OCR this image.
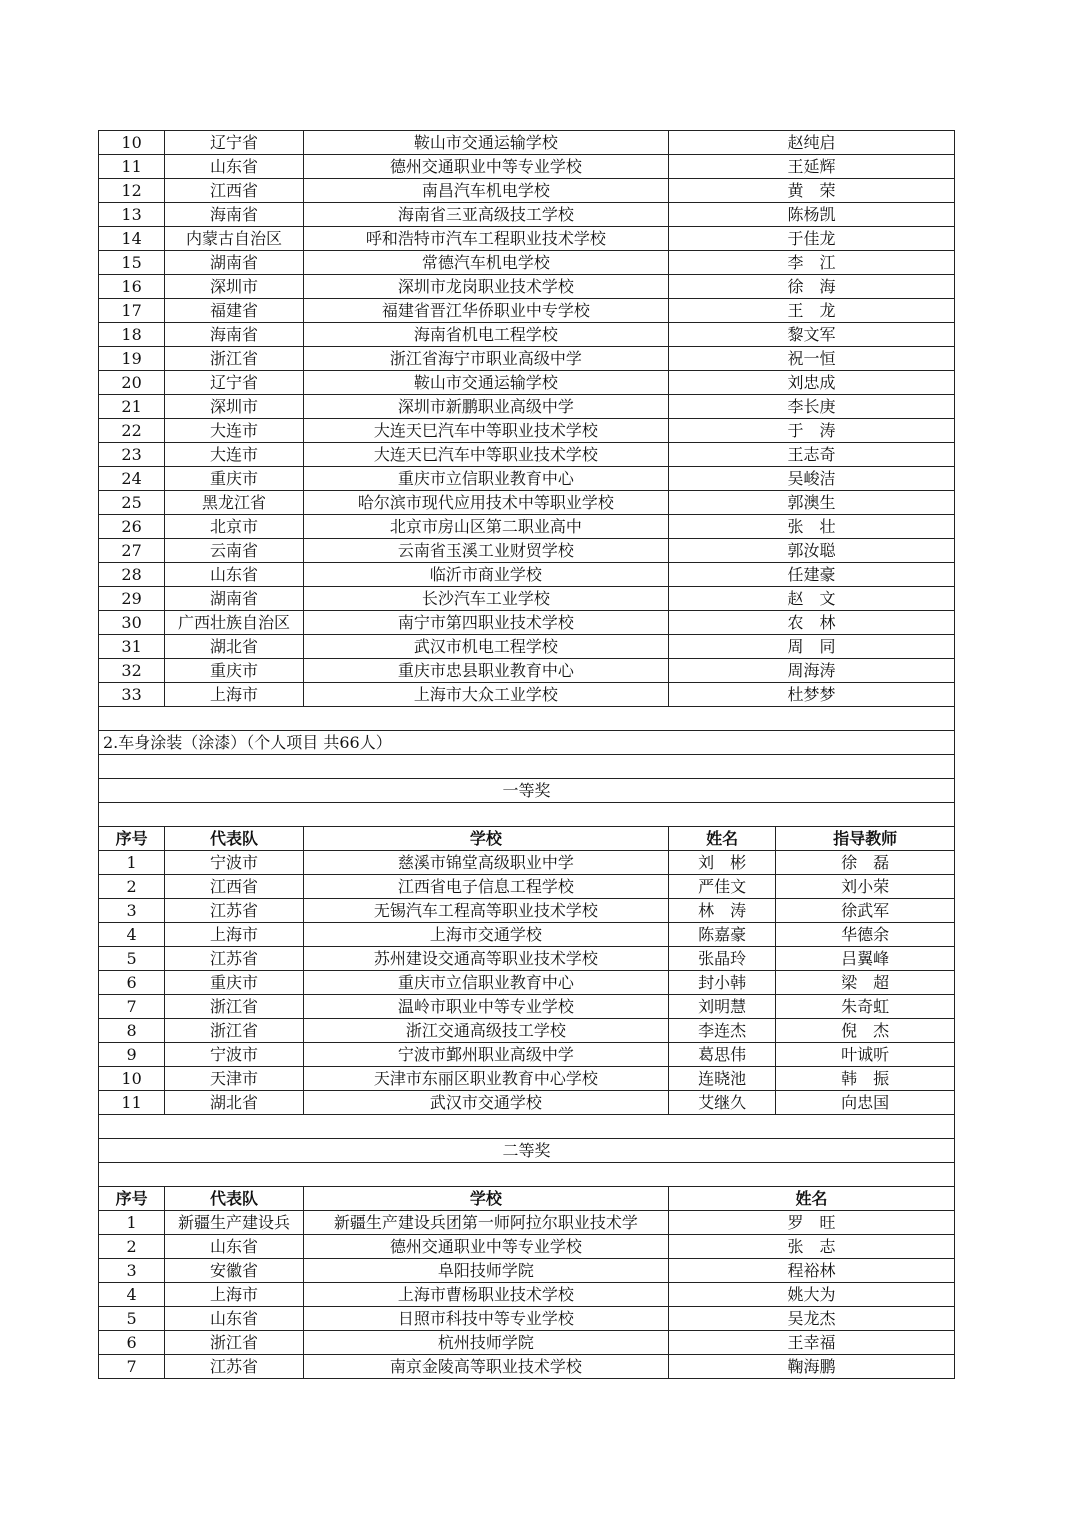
10	辽宁省	鞍山市交通运输学校	赵纯启	
11	山东省	德州交通职业中等专业学校	王延辉	
12	江西省	南昌汽车机电学校	黄　荣	
13	海南省	海南省三亚高级技工学校	陈杨凯	
14	内蒙古自治区	呼和浩特市汽车工程职业技术学校	于佳龙	
15	湖南省	常德汽车机电学校	李　江	
16	深圳市	深圳市龙岗职业技术学校	徐　海	
17	福建省	福建省晋江华侨职业中专学校	王　龙	
18	海南省	海南省机电工程学校	黎文军	
19	浙江省	浙江省海宁市职业高级中学	祝一恒	
20	辽宁省	鞍山市交通运输学校	刘忠成	
21	深圳市	深圳市新鹏职业高级中学	李长庚	
22	大连市	大连天巳汽车中等职业技术学校	于　涛	
23	大连市	大连天巳汽车中等职业技术学校	王志奇	
24	重庆市	重庆市立信职业教育中心	吴峻洁	
25	黑龙江省	哈尔滨市现代应用技术中等职业学校	郭澳生	
26	北京市	北京市房山区第二职业高中	张　壮	
27	云南省	云南省玉溪工业财贸学校	郭汝聪	
28	山东省	临沂市商业学校	任建豪	
29	湖南省	长沙汽车工业学校	赵　文	
30	广西壮族自治区	南宁市第四职业技术学校	农　林	
31	湖北省	武汉市机电工程学校	周　同	
32	重庆市	重庆市忠县职业教育中心	周海涛	
33	上海市	上海市大众工业学校	杜梦梦	

2.车身涂装（涂漆）（个人项目 共66人）				

一等奖				

序号	代表队	学校	姓名	指导教师
1	宁波市	慈溪市锦堂高级职业中学	刘　彬	徐　磊
2	江西省	江西省电子信息工程学校	严佳文	刘小荣
3	江苏省	无锡汽车工程高等职业技术学校	林　涛	徐武军
4	上海市	上海市交通学校	陈嘉豪	华德余
5	江苏省	苏州建设交通高等职业技术学校	张晶玲	吕翼峰
6	重庆市	重庆市立信职业教育中心	封小韩	梁　超
7	浙江省	温岭市职业中等专业学校	刘明慧	朱奇虹
8	浙江省	浙江交通高级技工学校	李连杰	倪　杰
9	宁波市	宁波市鄞州职业高级中学	葛思伟	叶诚听
10	天津市	天津市东丽区职业教育中心学校	连晓池	韩　振
11	湖北省	武汉市交通学校	艾继久	向忠国

二等奖				

序号	代表队	学校	姓名	
1	新疆生产建设兵	新疆生产建设兵团第一师阿拉尔职业技术学	罗　旺	
2	山东省	德州交通职业中等专业学校	张　志	
3	安徽省	阜阳技师学院	程裕林	
4	上海市	上海市曹杨职业技术学校	姚大为	
5	山东省	日照市科技中等专业学校	吴龙杰	
6	浙江省	杭州技师学院	王幸福	
7	江苏省	南京金陵高等职业技术学校	鞠海鹏	
